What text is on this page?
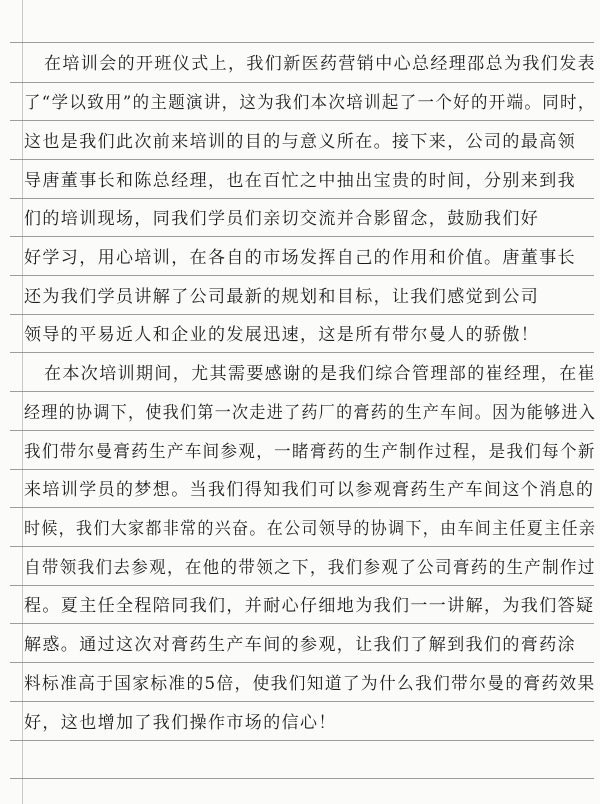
在培训会的开班仪式上，我们新医药营销中心总经理邵总为我们发表
了“学以致用”的主题演讲，这为我们本次培训起了一个好的开端。同时，
这也是我们此次前来培训的目的与意义所在。接下来，公司的最高领
导唐董事长和陈总经理，也在百忙之中抽出宝贵的时间，分别来到我
们的培训现场，同我们学员们亲切交流并合影留念，鼓励我们好
好学习，用心培训，在各自的市场发挥自己的作用和价值。唐董事长
还为我们学员讲解了公司最新的规划和目标，让我们感觉到公司
领导的平易近人和企业的发展迅速，这是所有带尔曼人的骄傲！
在本次培训期间，尤其需要感谢的是我们综合管理部的崔经理，在崔
经理的协调下，使我们第一次走进了药厂的膏药的生产车间。因为能够进入
我们带尔曼膏药生产车间参观，一睹膏药的生产制作过程，是我们每个新
来培训学员的梦想。当我们得知我们可以参观膏药生产车间这个消息的
时候，我们大家都非常的兴奋。在公司领导的协调下，由车间主任夏主任亲
自带领我们去参观，在他的带领之下，我们参观了公司膏药的生产制作过
程。夏主任全程陪同我们，并耐心仔细地为我们一一讲解，为我们答疑
解惑。通过这次对膏药生产车间的参观，让我们了解到我们的膏药涂
料标准高于国家标准的5倍，使我们知道了为什么我们带尔曼的膏药效果
好，这也增加了我们操作市场的信心！
